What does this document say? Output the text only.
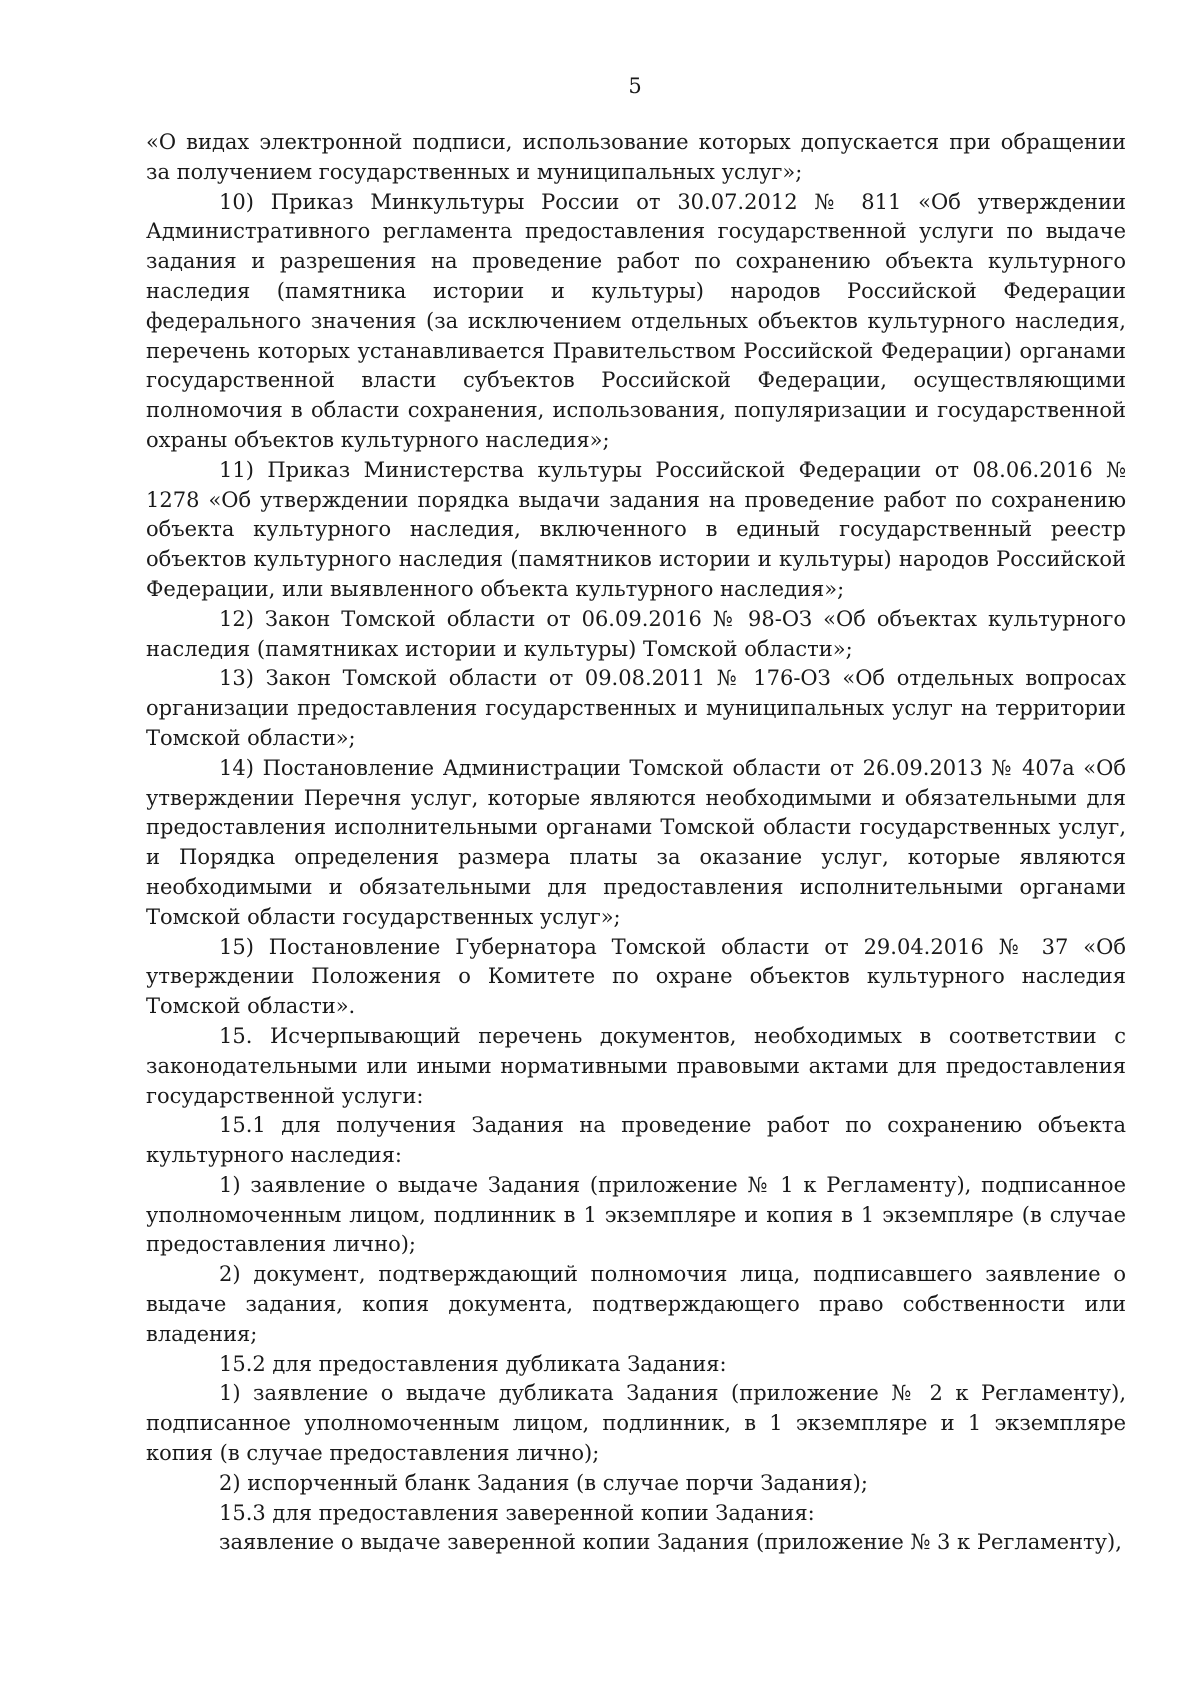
5

«О видах электронной подписи, использование которых допускается при обращении за получением государственных и муниципальных услуг»;

10) Приказ Минкультуры России от 30.07.2012 № 811 «Об утверждении Административного регламента предоставления государственной услуги по выдаче задания и разрешения на проведение работ по сохранению объекта культурного наследия (памятника истории и культуры) народов Российской Федерации федерального значения (за исключением отдельных объектов культурного наследия, перечень которых устанавливается Правительством Российской Федерации) органами государственной власти субъектов Российской Федерации, осуществляющими полномочия в области сохранения, использования, популяризации и государственной охраны объектов культурного наследия»;

11) Приказ Министерства культуры Российской Федерации от 08.06.2016 № 1278 «Об утверждении порядка выдачи задания на проведение работ по сохранению объекта культурного наследия, включенного в единый государственный реестр объектов культурного наследия (памятников истории и культуры) народов Российской Федерации, или выявленного объекта культурного наследия»;

12) Закон Томской области от 06.09.2016 № 98-ОЗ «Об объектах культурного наследия (памятниках истории и культуры) Томской области»;

13) Закон Томской области от 09.08.2011 № 176-ОЗ «Об отдельных вопросах организации предоставления государственных и муниципальных услуг на территории Томской области»;

14) Постановление Администрации Томской области от 26.09.2013 № 407а «Об утверждении Перечня услуг, которые являются необходимыми и обязательными для предоставления исполнительными органами Томской области государственных услуг, и Порядка определения размера платы за оказание услуг, которые являются необходимыми и обязательными для предоставления исполнительными органами Томской области государственных услуг»;

15) Постановление Губернатора Томской области от 29.04.2016 № 37 «Об утверждении Положения о Комитете по охране объектов культурного наследия Томской области».

15. Исчерпывающий перечень документов, необходимых в соответствии с законодательными или иными нормативными правовыми актами для предоставления государственной услуги:

15.1 для получения Задания на проведение работ по сохранению объекта культурного наследия:

1) заявление о выдаче Задания (приложение № 1 к Регламенту), подписанное уполномоченным лицом, подлинник в 1 экземпляре и копия в 1 экземпляре (в случае предоставления лично);

2) документ, подтверждающий полномочия лица, подписавшего заявление о выдаче задания, копия документа, подтверждающего право собственности или владения;

15.2 для предоставления дубликата Задания:

1) заявление о выдаче дубликата Задания (приложение № 2 к Регламенту), подписанное уполномоченным лицом, подлинник, в 1 экземпляре и 1 экземпляре копия (в случае предоставления лично);

2) испорченный бланк Задания (в случае порчи Задания);

15.3 для предоставления заверенной копии Задания:

заявление о выдаче заверенной копии Задания (приложение № 3 к Регламенту),
